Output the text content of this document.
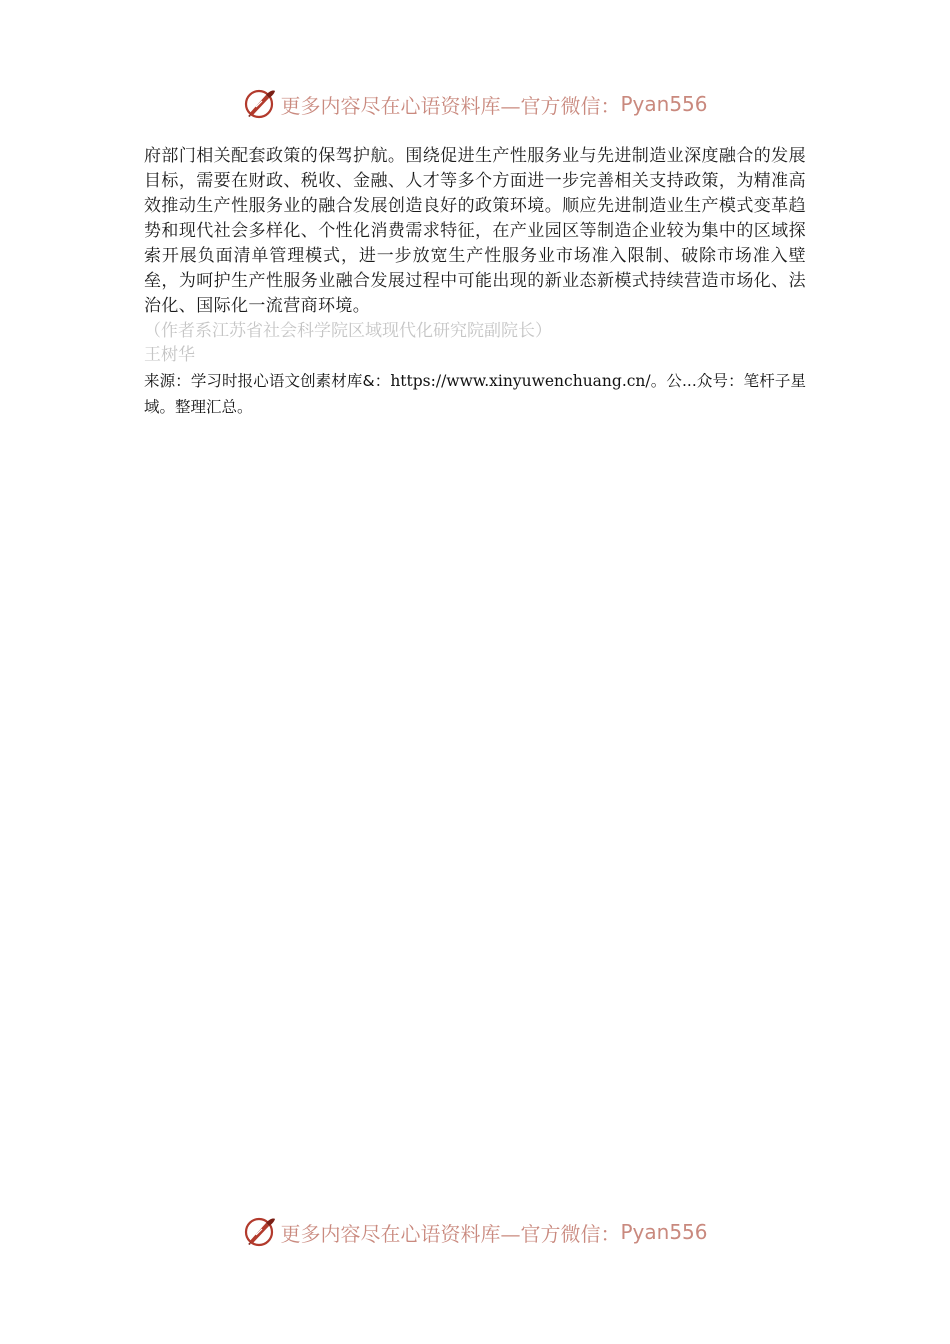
更多内容尽在心语资料库—官方微信： Pyan556

府部门相关配套政策的保驾护航。围绕促进生产性服务业与先进制造业深度融合的发展目标，需要在财政、税收、金融、人才等多个方面进一步完善相关支持政策，为精准高效推动生产性服务业的融合发展创造良好的政策环境。顺应先进制造业生产模式变革趋势和现代社会多样化、个性化消费需求特征，在产业园区等制造企业较为集中的区域探索开展负面清单管理模式，进一步放宽生产性服务业市场准入限制、破除市场准入壁垒，为呵护生产性服务业融合发展过程中可能出现的新业态新模式持续营造市场化、法治化、国际化一流营商环境。

（作者系江苏省社会科学院区域现代化研究院副院长）

王树华

来源：学习时报心语文创素材库&：https://www.xinyuwenchuang.cn/。公...众号：笔杆子星域。整理汇总。

更多内容尽在心语资料库—官方微信： Pyan556
